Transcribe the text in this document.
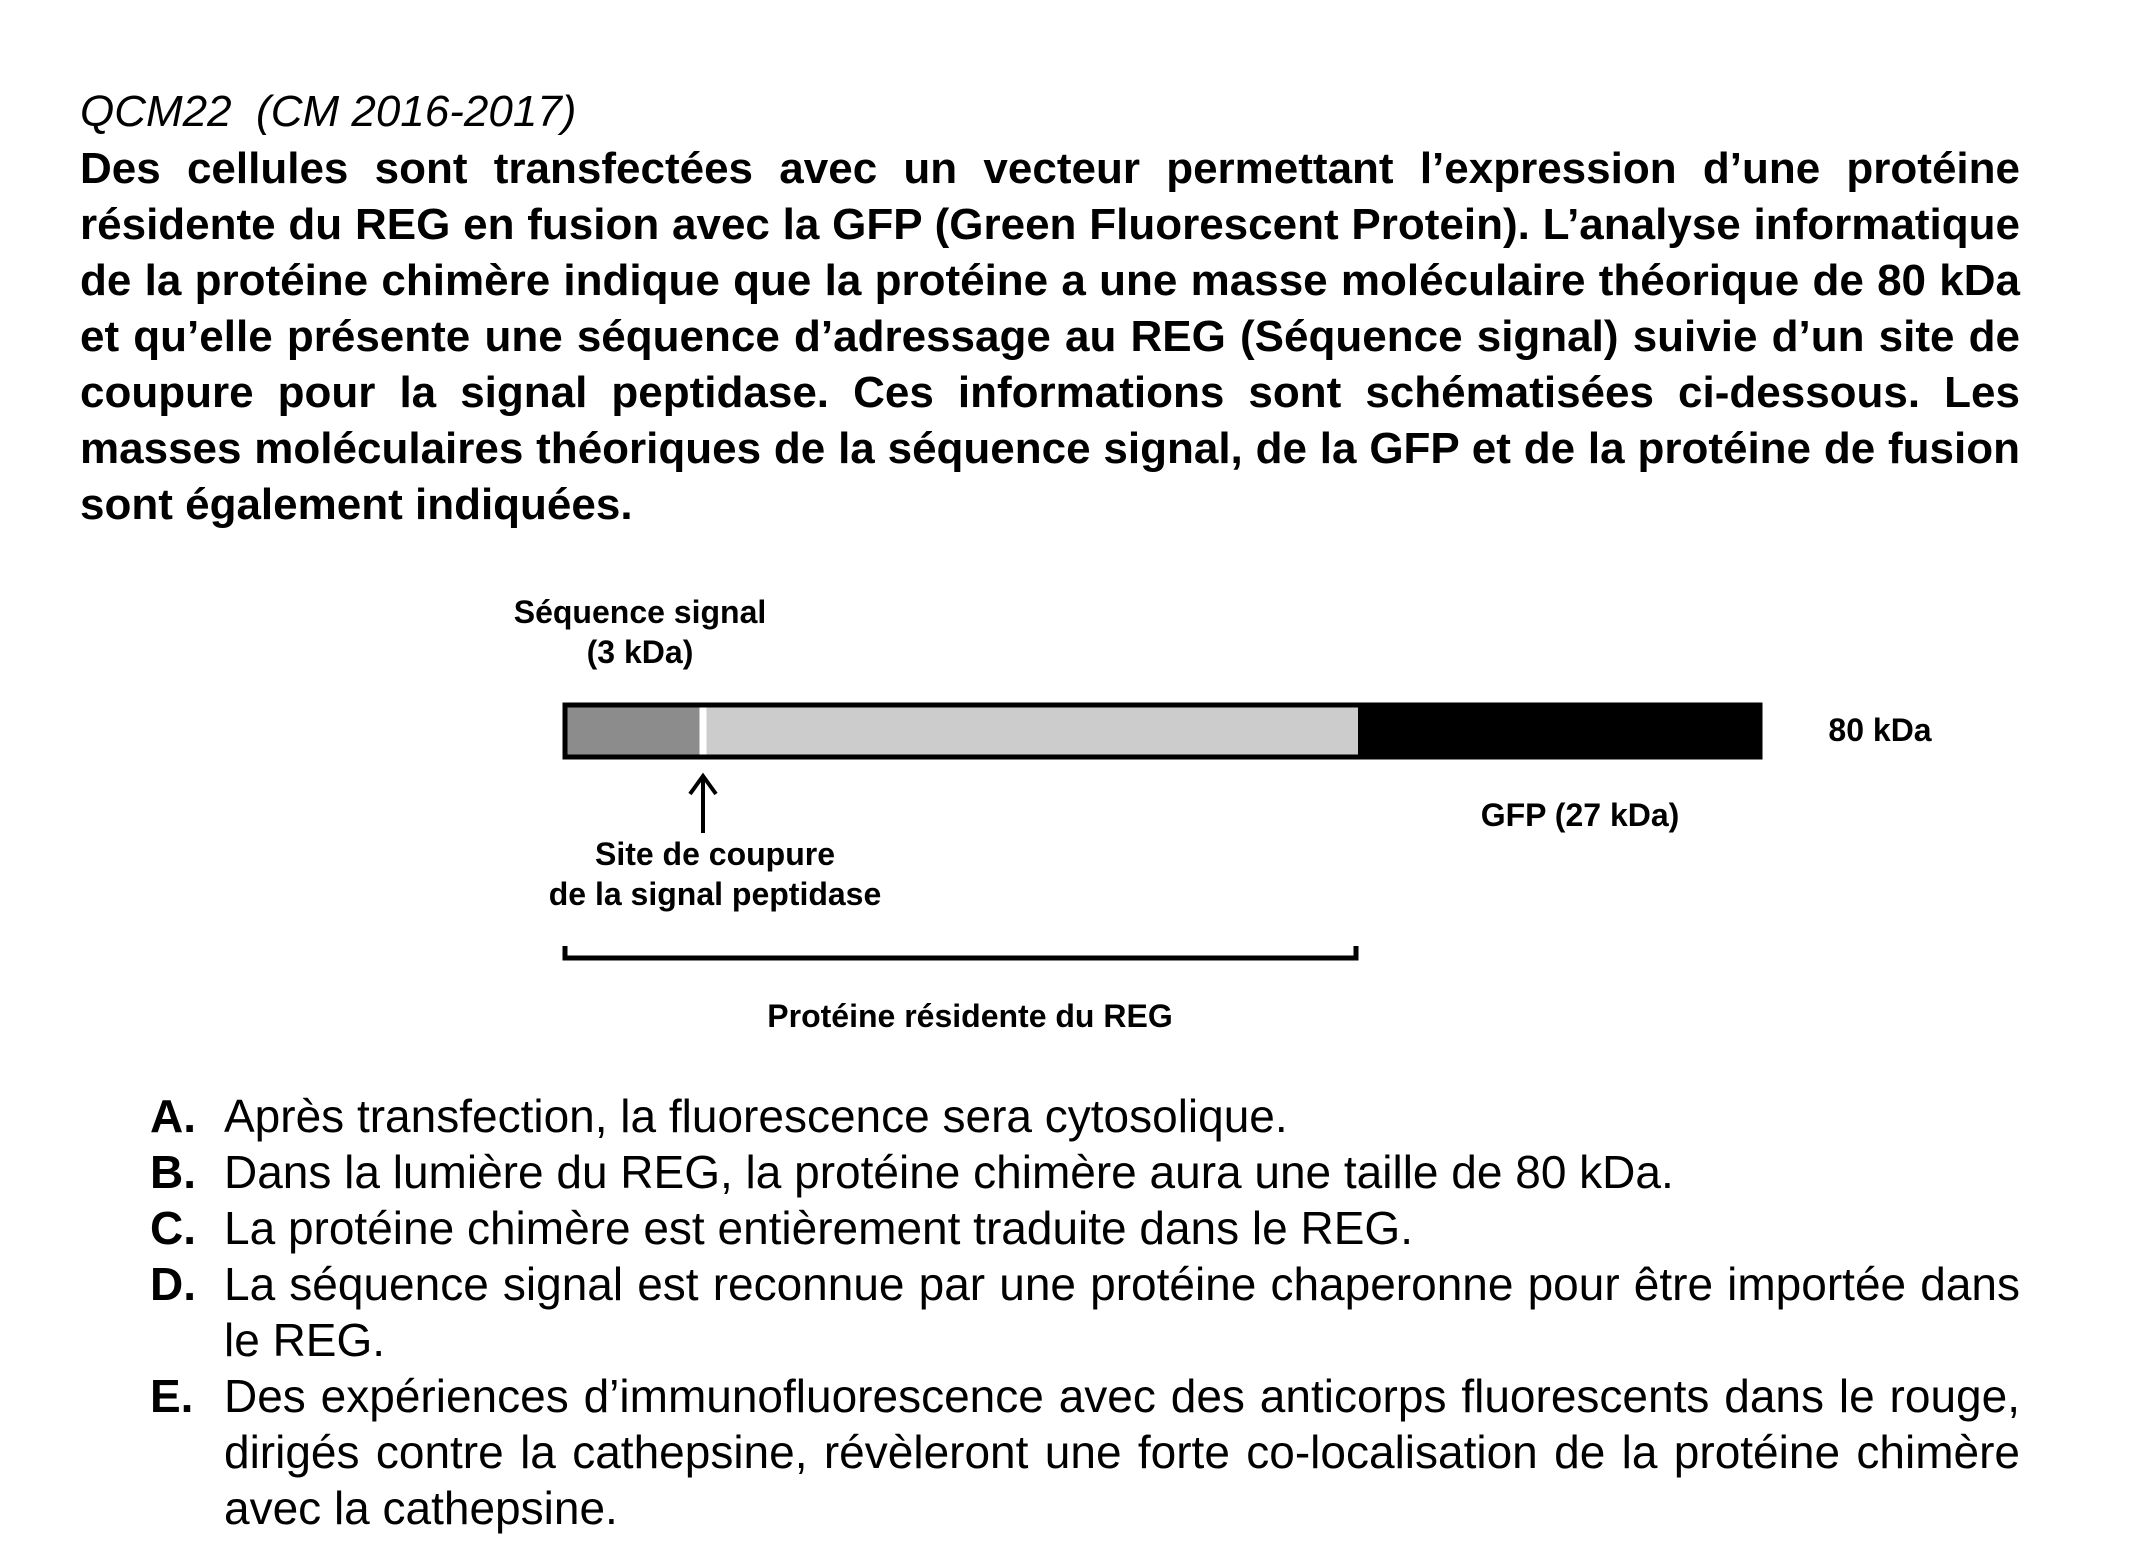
QCM22 (CM 2016-2017)

Des cellules sont transfectées avec un vecteur permettant l’expression d’une protéine résidente du REG en fusion avec la GFP (Green Fluorescent Protein). L’analyse informatique de la protéine chimère indique que la protéine a une masse moléculaire théorique de 80 kDa et qu’elle présente une séquence d’adressage au REG (Séquence signal) suivie d’un site de coupure pour la signal peptidase. Ces informations sont schématisées ci-dessous. Les masses moléculaires théoriques de la séquence signal, de la GFP et de la protéine de fusion sont également indiquées.

Séquence signal
(3 kDa)
80 kDa
GFP (27 kDa)
Site de coupure
de la signal peptidase
Protéine résidente du REG
A. Après transfection, la fluorescence sera cytosolique.
B. Dans la lumière du REG, la protéine chimère aura une taille de 80 kDa.
C. La protéine chimère est entièrement traduite dans le REG.
D. La séquence signal est reconnue par une protéine chaperonne pour être importée dans le REG.
E. Des expériences d’immunofluorescence avec des anticorps fluorescents dans le rouge, dirigés contre la cathepsine, révèleront une forte co-localisation de la protéine chimère avec la cathepsine.
